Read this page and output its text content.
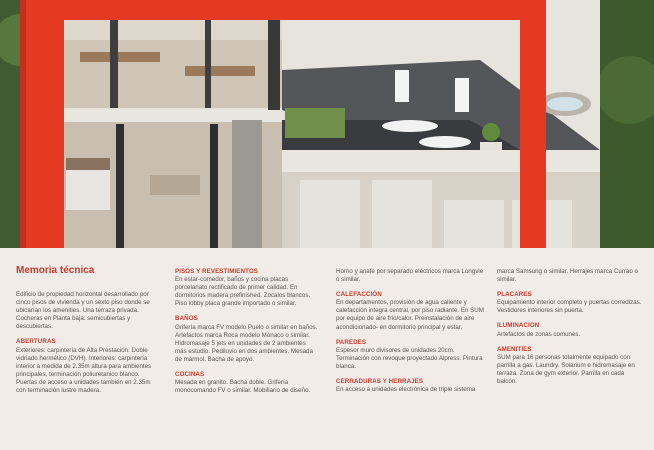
Memoria técnica

Edificio de propiedad horizontal desarrollado por cinco pisos de vivienda y un sexto piso donde se ubicarían los amenities. Una terraza privada. Cocheras en Planta baja: semicubiertas y descubiertas.

ABERTURAS

Exteriores: carpintería de Alta Prestación. Doble vidriado hermético (DVH). Interiores: carpintería interior a medida de 2.35m altura para ambientes principales, terminación poliuretanico blanco. Puertas de acceso a unidades también en 2.35m con terminación lustre madera.

PISOS Y REVESTIMIENTOS

En estar-comedor, baños y cocina placas porcelanato rectificado de primer calidad. En dormitorios madera prefinished. Zócalos blancos. Piso lobby placa grande importado o similar.

BAÑOS

Grifería marca FV modelo Puelo o similar en baños. Artefactos marca Roca modelo Mónaco o similar. Hidromasaje 5 jets en unidades de 2 ambientes más estudio. Pediluvio en dos ambientes. Mesada de mármol. Bacha de apoyo.

COCINAS

Mesada en granito. Bacha doble. Grifería monocomando FV o similar. Mobiliario de diseño.

Horno y anafe por separado eléctricos marca Longvie o similar.

CALEFACCIÓN

En departamentos, provisión de agua caliente y calefacción integra central, por piso radiante. En SUM por equipo de aire frío/calor. Preinstalación de aire acondicionado- en dormitorio principal y estar.

PAREDES

Espesor muro divisores de unidades 20cm. Terminación con revoque proyectado Alpress. Pintura blanca.

CERRADURAS Y HERRAJES

En acceso a unidades electrónica de triple sistema

marca Samsung o similar. Herrajes marca Currao o similar.

PLACARES

Equipamiento interior completo y puertas corredizas. Vestidores interiores sin puerta.

ILUMINACION

Artefactos de zonas comunes.

AMENITIES

SUM para 16 personas totalmente equipado con parrilla a gas. Laundry. Solarium e hidromasaje en terraza. Zona de gym exterior. Parrilla en cada balcón.
